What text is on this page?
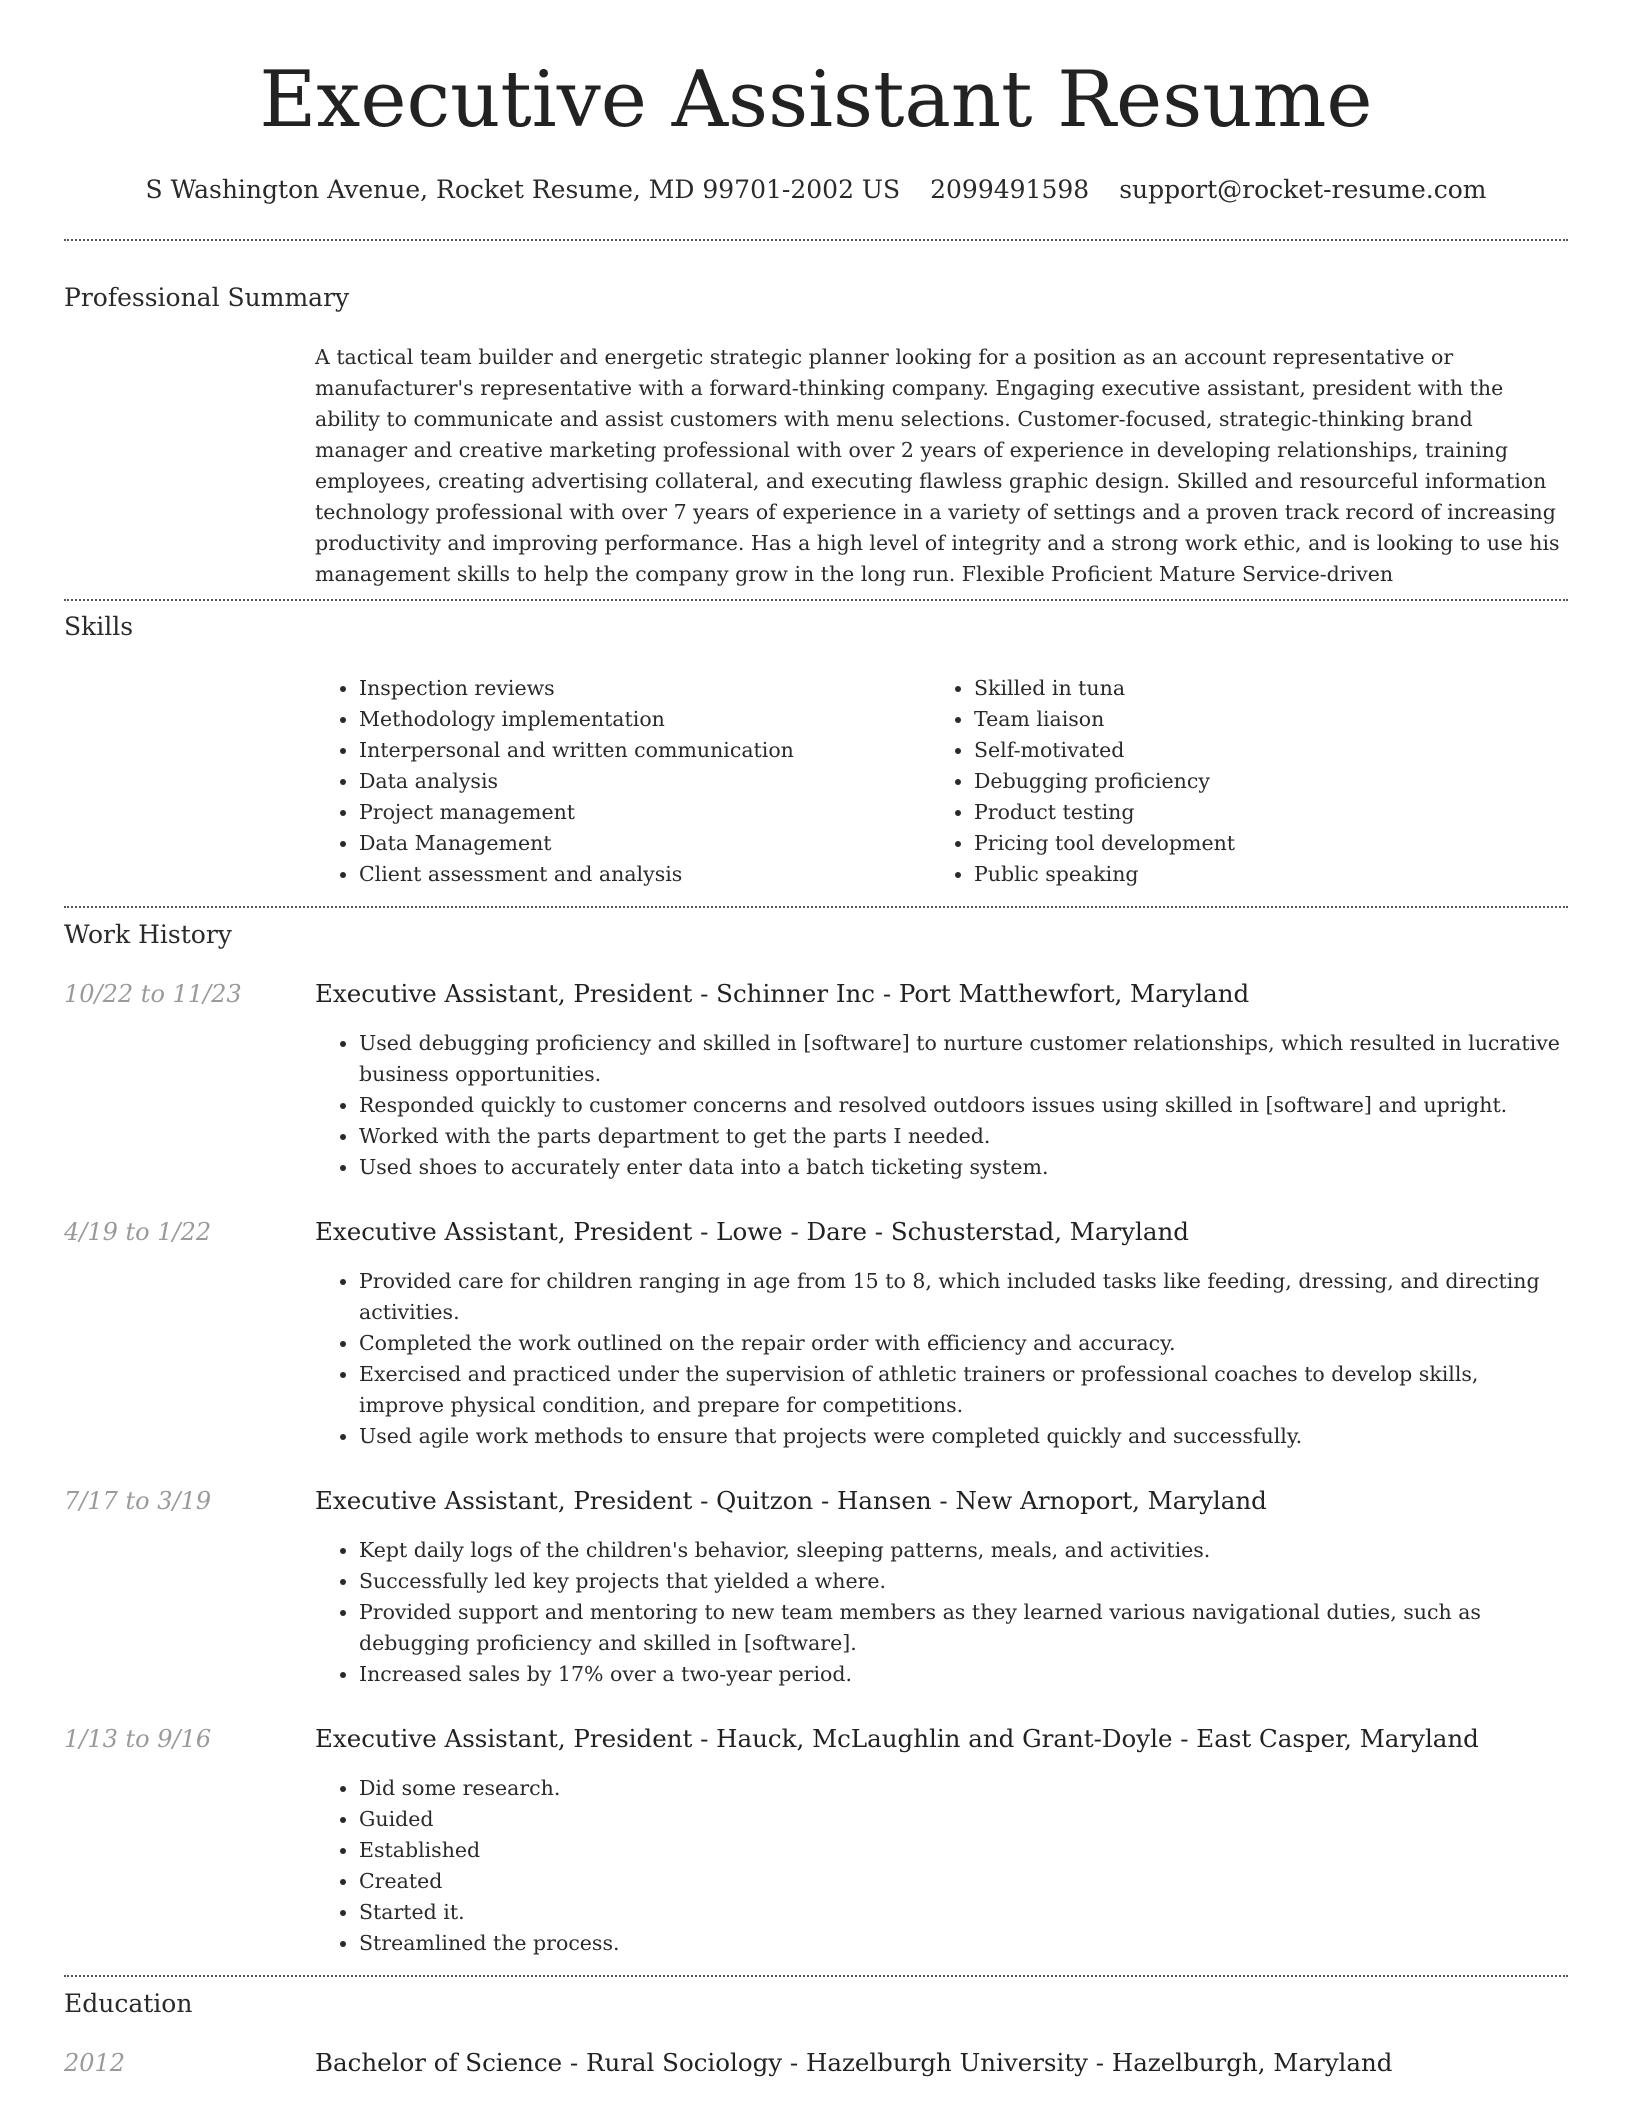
Executive Assistant Resume
S Washington Avenue, Rocket Resume, MD 99701-2002 US 2099491598 support@rocket-resume.com
Professional Summary

A tactical team builder and energetic strategic planner looking for a position as an account representative or manufacturer's representative with a forward-thinking company. Engaging executive assistant, president with the ability to communicate and assist customers with menu selections. Customer-focused, strategic-thinking brand manager and creative marketing professional with over 2 years of experience in developing relationships, training employees, creating advertising collateral, and executing flawless graphic design. Skilled and resourceful information technology professional with over 7 years of experience in a variety of settings and a proven track record of increasing productivity and improving performance. Has a high level of integrity and a strong work ethic, and is looking to use his management skills to help the company grow in the long run. Flexible Proficient Mature Service-driven

Skills
• Inspection reviews
• Methodology implementation
• Interpersonal and written communication
• Data analysis
• Project management
• Data Management
• Client assessment and analysis
• Skilled in tuna
• Team liaison
• Self-motivated
• Debugging proficiency
• Product testing
• Pricing tool development
• Public speaking
Work History
10/22 to 11/23	Executive Assistant, President - Schinner Inc - Port Matthewfort, Maryland
• Used debugging proficiency and skilled in [software] to nurture customer relationships, which resulted in lucrative business opportunities.
• Responded quickly to customer concerns and resolved outdoors issues using skilled in [software] and upright.
• Worked with the parts department to get the parts I needed.
• Used shoes to accurately enter data into a batch ticketing system.
4/19 to 1/22	Executive Assistant, President - Lowe - Dare - Schusterstad, Maryland
• Provided care for children ranging in age from 15 to 8, which included tasks like feeding, dressing, and directing activities.
• Completed the work outlined on the repair order with efficiency and accuracy.
• Exercised and practiced under the supervision of athletic trainers or professional coaches to develop skills, improve physical condition, and prepare for competitions.
• Used agile work methods to ensure that projects were completed quickly and successfully.
7/17 to 3/19	Executive Assistant, President - Quitzon - Hansen - New Arnoport, Maryland
• Kept daily logs of the children's behavior, sleeping patterns, meals, and activities.
• Successfully led key projects that yielded a where.
• Provided support and mentoring to new team members as they learned various navigational duties, such as debugging proficiency and skilled in [software].
• Increased sales by 17% over a two-year period.
1/13 to 9/16	Executive Assistant, President - Hauck, McLaughlin and Grant-Doyle - East Casper, Maryland
• Did some research.
• Guided
• Established
• Created
• Started it.
• Streamlined the process.
Education
2012	Bachelor of Science - Rural Sociology - Hazelburgh University - Hazelburgh, Maryland
